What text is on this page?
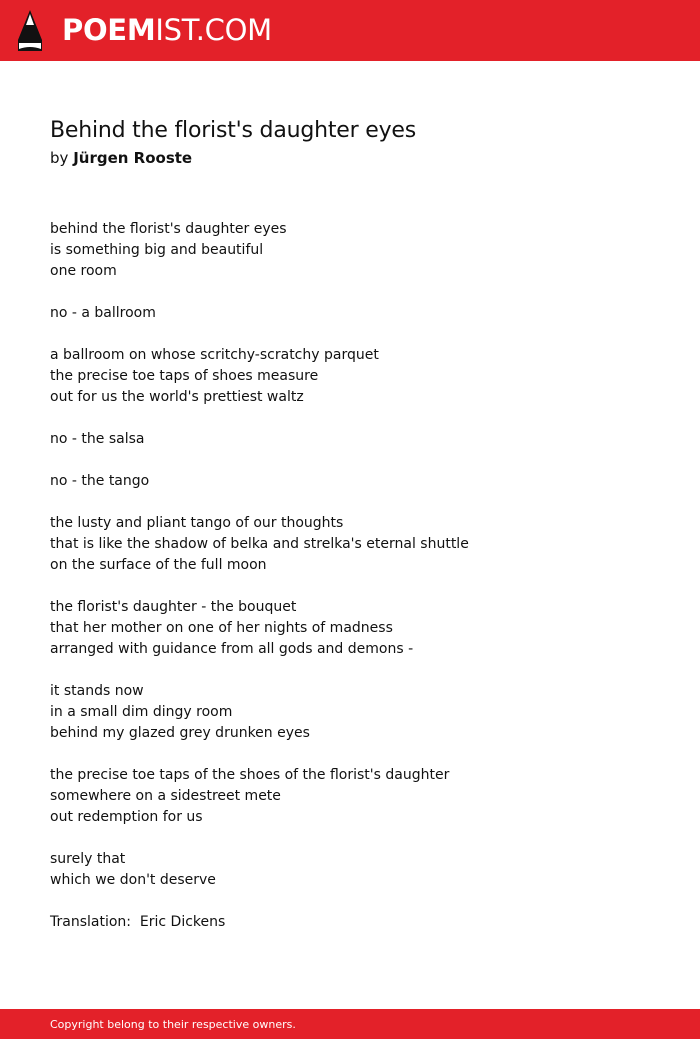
POEMIST.COM
Behind the florist's daughter eyes
by Jürgen Rooste
behind the florist's daughter eyes
is something big and beautiful
one room
no - a ballroom
a ballroom on whose scritchy-scratchy parquet
the precise toe taps of shoes measure
out for us the world's prettiest waltz
no - the salsa
no - the tango
the lusty and pliant tango of our thoughts
that is like the shadow of belka and strelka's eternal shuttle
on the surface of the full moon
the florist's daughter - the bouquet
that her mother on one of her nights of madness
arranged with guidance from all gods and demons -
it stands now
in a small dim dingy room
behind my glazed grey drunken eyes
the precise toe taps of the shoes of the florist's daughter
somewhere on a sidestreet mete
out redemption for us
surely that
which we don't deserve
Translation:  Eric Dickens
Copyright belong to their respective owners.
